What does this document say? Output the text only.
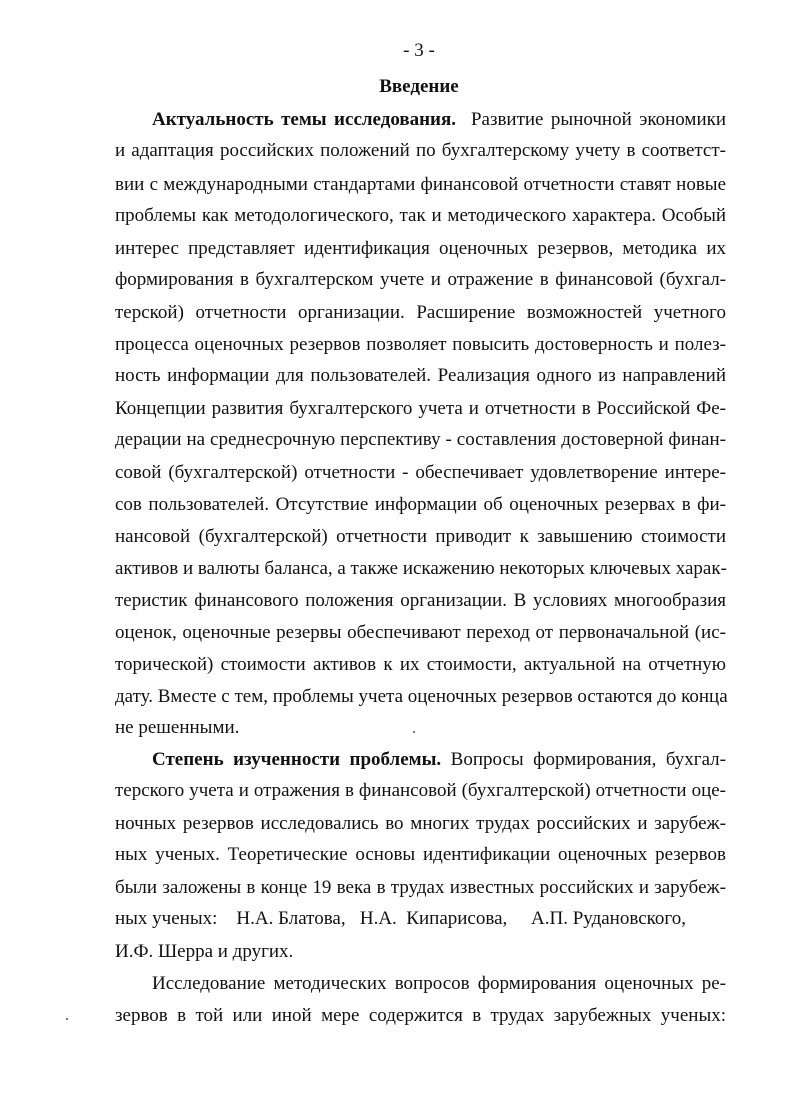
- 3 -
Введение
Актуальность темы исследования. Развитие рыночной экономики
и адаптация российских положений по бухгалтерскому учету в соответст-
вии с международными стандартами финансовой отчетности ставят новые
проблемы как методологического, так и методического характера. Особый
интерес представляет идентификация оценочных резервов, методика их
формирования в бухгалтерском учете и отражение в финансовой (бухгал-
терской) отчетности организации. Расширение возможностей учетного
процесса оценочных резервов позволяет повысить достоверность и полез-
ность информации для пользователей. Реализация одного из направлений
Концепции развития бухгалтерского учета и отчетности в Российской Фе-
дерации на среднесрочную перспективу - составления достоверной финан-
совой (бухгалтерской) отчетности - обеспечивает удовлетворение интере-
сов пользователей. Отсутствие информации об оценочных резервах в фи-
нансовой (бухгалтерской) отчетности приводит к завышению стоимости
активов и валюты баланса, а также искажению некоторых ключевых харак-
теристик финансового положения организации. В условиях многообразия
оценок, оценочные резервы обеспечивают переход от первоначальной (ис-
торической) стоимости активов к их стоимости, актуальной на отчетную
дату. Вместе с тем, проблемы учета оценочных резервов остаются до конца
не решенными.
Степень изученности проблемы. Вопросы формирования, бухгал-
терского учета и отражения в финансовой (бухгалтерской) отчетности оце-
ночных резервов исследовались во многих трудах российских и зарубеж-
ных ученых. Теоретические основы идентификации оценочных резервов
были заложены в конце 19 века в трудах известных российских и зарубеж-
ных ученых:    Н.А. Блатова,   Н.А.  Кипарисова,     А.П. Рудановского,
И.Ф. Шерра и других.
Исследование методических вопросов формирования оценочных ре-
зервов в той или иной мере содержится в трудах зарубежных ученых:
